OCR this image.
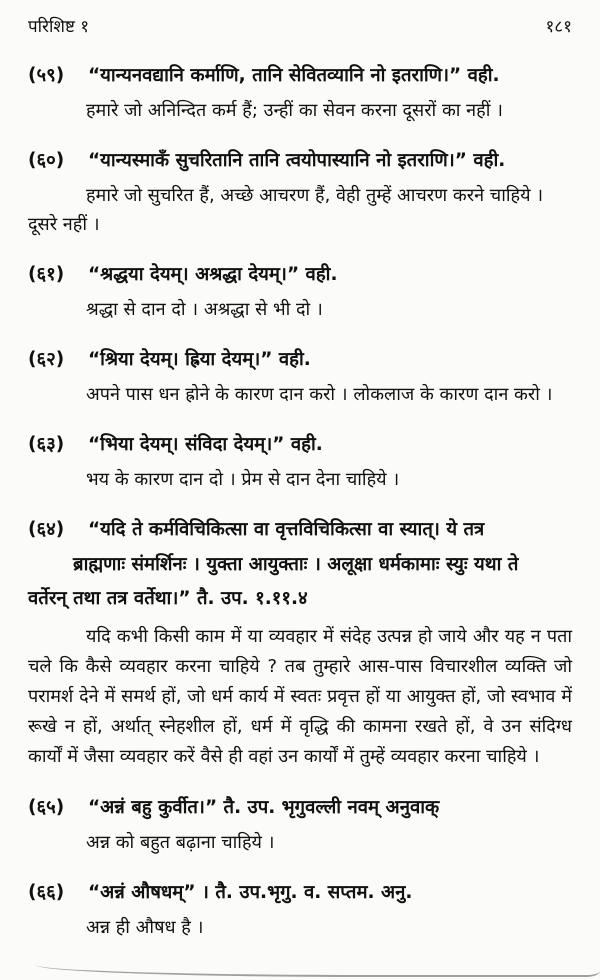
परिशिष्ट १	१८१
(५९)	“यान्यनवद्यानि कर्माणि, तानि सेवितव्यानि नो इतराणि।” वही.

हमारे जो अनिन्दित कर्म हैं; उन्हीं का सेवन करना दूसरों का नहीं ।

(६०)	“यान्यस्माकँ सुचरितानि तानि त्वयोपास्यानि नो इतराणि।” वही.

हमारे जो सुचरित हैं, अच्छे आचरण हैं, वेही तुम्हें आचरण करने चाहिये । दूसरे नहीं ।

(६१)	“श्रद्धया देयम्। अश्रद्धा देयम्।” वही.

श्रद्धा से दान दो । अश्रद्धा से भी दो ।

(६२)	“श्रिया देयम्। ह्रिया देयम्।” वही.

अपने पास धन ह्रोने के कारण दान करो । लोकलाज के कारण दान करो ।

(६३)	“भिया देयम्। संविदा देयम्।” वही.

भय के कारण दान दो । प्रेम से दान देना चाहिये ।

(६४)	“यदि ते कर्मविचिकित्सा वा वृत्तविचिकित्सा वा स्यात्। ये तत्र
ब्राह्मणाः संमर्शिनः । युक्ता आयुक्ताः । अलूक्षा धर्मकामाः स्युः यथा ते
वर्तेरन् तथा तत्र वर्तेथा।” तै. उप. १.११.४

यदि कभी किसी काम में या व्यवहार में संदेह उत्पन्न हो जाये और यह न पता चले कि कैसे व्यवहार करना चाहिये ? तब तुम्हारे आस-पास विचारशील व्यक्ति जो परामर्श देने में समर्थ हों, जो धर्म कार्य में स्वतः प्रवृत्त हों या आयुक्त हों, जो स्वभाव में रूखे न हों, अर्थात् स्नेहशील हों, धर्म में वृद्धि की कामना रखते हों, वे उन संदिग्ध कार्यों में जैसा व्यवहार करें वैसे ही वहां उन कार्यों में तुम्हें व्यवहार करना चाहिये ।

(६५)	“अन्नं बहु कुर्वीत।” तै. उप. भृगुवल्ली नवम् अनुवाक्

अन्न को बहुत बढ़ाना चाहिये ।

(६६)	“अन्नं औषधम्” । तै. उप.भृगु. व. सप्तम. अनु.

अन्न ही औषध है ।
